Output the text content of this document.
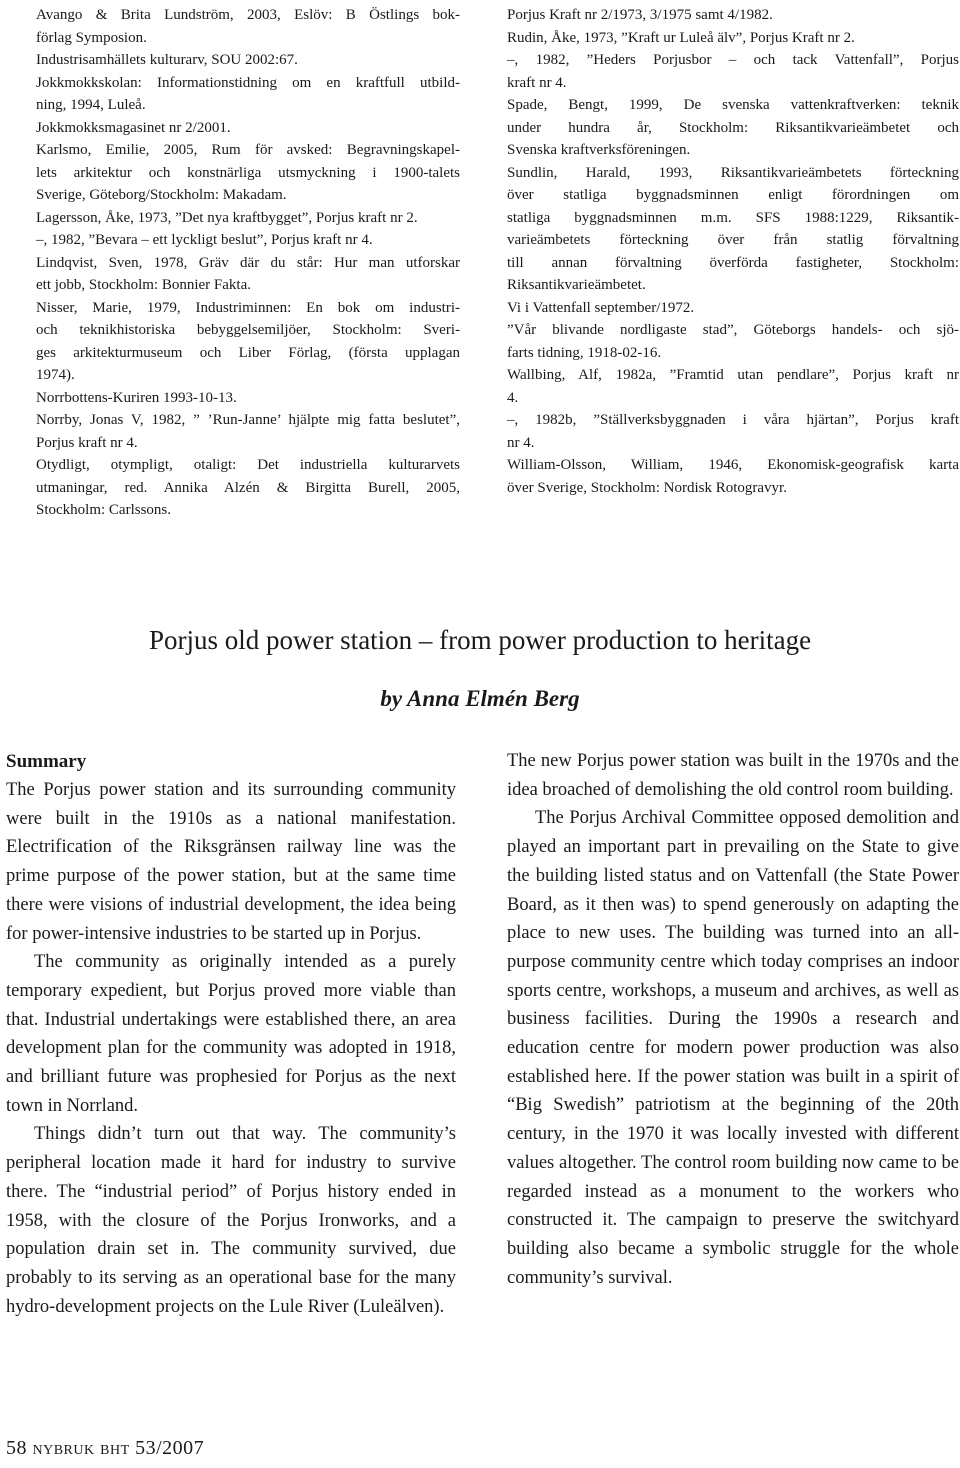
Avango & Brita Lundström, 2003, Eslöv: B Östlings bok-

förlag Symposion.

Industrisamhällets kulturarv, SOU 2002:67.

Jokkmokkskolan: Informationstidning om en kraftfull utbild-

ning, 1994, Luleå.

Jokkmokksmagasinet nr 2/2001.

Karlsmo, Emilie, 2005, Rum för avsked: Begravningskapel-

lets arkitektur och konstnärliga utsmyckning i 1900-talets

Sverige, Göteborg/Stockholm: Makadam.

Lagersson, Åke, 1973, ”Det nya kraftbygget”, Porjus kraft nr 2.

–, 1982, ”Bevara – ett lyckligt beslut”, Porjus kraft nr 4.

Lindqvist, Sven, 1978, Gräv där du står: Hur man utforskar

ett jobb, Stockholm: Bonnier Fakta.

Nisser, Marie, 1979, Industriminnen: En bok om industri-

och teknikhistoriska bebyggelsemiljöer, Stockholm: Sveri-

ges arkitekturmuseum och Liber Förlag, (första upplagan

1974).

Norrbottens-Kuriren 1993-10-13.

Norrby, Jonas V, 1982, ” ’Run-Janne’ hjälpte mig fatta beslutet”,

Porjus kraft nr 4.

Otydligt, otympligt, otaligt: Det industriella kulturarvets

utmaningar, red. Annika Alzén & Birgitta Burell, 2005,

Stockholm: Carlssons.

Porjus Kraft nr 2/1973, 3/1975 samt 4/1982.

Rudin, Åke, 1973, ”Kraft ur Luleå älv”, Porjus Kraft nr 2.

–, 1982, ”Heders Porjusbor – och tack Vattenfall”, Porjus

kraft nr 4.

Spade, Bengt, 1999, De svenska vattenkraftverken: teknik

under hundra år, Stockholm: Riksantikvarieämbetet och

Svenska kraftverksföreningen.

Sundlin, Harald, 1993, Riksantikvarieämbetets förteckning

över statliga byggnadsminnen enligt förordningen om

statliga byggnadsminnen m.m. SFS 1988:1229, Riksantik-

varieämbetets förteckning över från statlig förvaltning

till annan förvaltning överförda fastigheter, Stockholm:

Riksantikvarieämbetet.

Vi i Vattenfall september/1972.

”Vår blivande nordligaste stad”, Göteborgs handels- och sjö-

farts tidning, 1918-02-16.

Wallbing, Alf, 1982a, ”Framtid utan pendlare”, Porjus kraft nr

4.

–, 1982b, ”Ställverksbyggnaden i våra hjärtan”, Porjus kraft

nr 4.

William-Olsson, William, 1946, Ekonomisk-geografisk karta

över Sverige, Stockholm: Nordisk Rotogravyr.

Porjus old power station – from power production to heritage
by Anna Elmén Berg

Summary

The Porjus power station and its surrounding community were built in the 1910s as a national manifestation. Electrification of the Riksgränsen railway line was the prime purpose of the power station, but at the same time there were visions of industrial development, the idea being for power-intensive industries to be started up in Porjus.

The community as originally intended as a purely temporary expedient, but Porjus proved more viable than that. Industrial undertakings were established there, an area development plan for the community was adopted in 1918, and brilliant future was prophesied for Porjus as the next town in Norrland.

Things didn’t turn out that way. The community’s peripheral location made it hard for industry to survive there. The “industrial period” of Porjus history ended in 1958, with the closure of the Porjus Ironworks, and a population drain set in. The community survived, due probably to its serving as an operational base for the many hydro-development projects on the Lule River (Luleälven).

The new Porjus power station was built in the 1970s and the idea broached of demolishing the old control room building.

The Porjus Archival Committee opposed demolition and played an important part in prevailing on the State to give the building listed status and on Vattenfall (the State Power Board, as it then was) to spend generously on adapting the place to new uses. The building was turned into an all-purpose community centre which today comprises an indoor sports centre, workshops, a museum and archives, as well as business facilities. During the 1990s a research and education centre for modern power production was also established here. If the power station was built in a spirit of “Big Swedish” patriotism at the beginning of the 20th century, in the 1970 it was locally invested with different values altogether. The control room building now came to be regarded instead as a monument to the workers who constructed it. The campaign to preserve the switchyard building also became a symbolic struggle for the whole community’s survival.

58 nybruk bht 53/2007
